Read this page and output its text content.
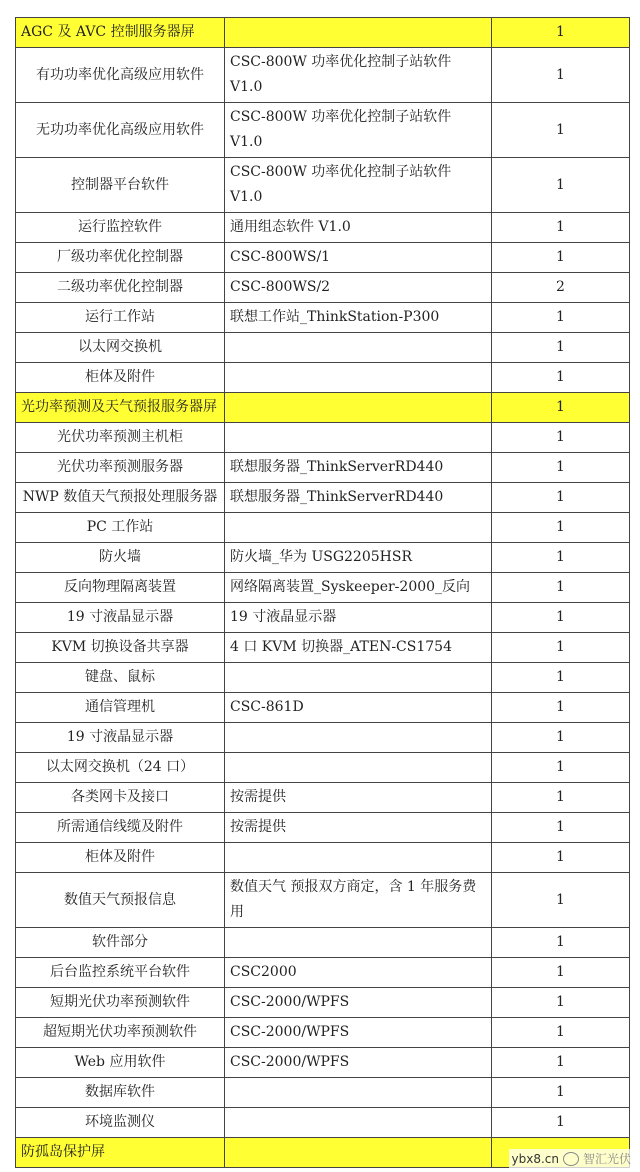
AGC 及 AVC 控制服务器屏		1
有功功率优化高级应用软件	CSC-800W 功率优化控制子站软件 V1.0	1
无功功率优化高级应用软件	CSC-800W 功率优化控制子站软件 V1.0	1
控制器平台软件	CSC-800W 功率优化控制子站软件 V1.0	1
运行监控软件	通用组态软件 V1.0	1
厂级功率优化控制器	CSC-800WS/1	1
二级功率优化控制器	CSC-800WS/2	2
运行工作站	联想工作站_ThinkStation-P300	1
以太网交换机		1
柜体及附件		1
光功率预测及天气预报服务器屏		1
光伏功率预测主机柜		1
光伏功率预测服务器	联想服务器_ThinkServerRD440	1
NWP 数值天气预报处理服务器	联想服务器_ThinkServerRD440	1
PC 工作站		1
防火墙	防火墙_华为 USG2205HSR	1
反向物理隔离装置	网络隔离装置_Syskeeper-2000_反向	1
19 寸液晶显示器	19 寸液晶显示器	1
KVM 切换设备共享器	4 口 KVM 切换器_ATEN-CS1754	1
键盘、鼠标		1
通信管理机	CSC-861D	1
19 寸液晶显示器		1
以太网交换机（24 口）		1
各类网卡及接口	按需提供	1
所需通信线缆及附件	按需提供	1
柜体及附件		1
数值天气预报信息	数值天气 预报双方商定，含 1 年服务费用	1
软件部分		1
后台监控系统平台软件	CSC2000	1
短期光伏功率预测软件	CSC-2000/WPFS	1
超短期光伏功率预测软件	CSC-2000/WPFS	1
Web 应用软件	CSC-2000/WPFS	1
数据库软件		1
环境监测仪		1
防孤岛保护屏			ybx8.cn 智汇光伏
